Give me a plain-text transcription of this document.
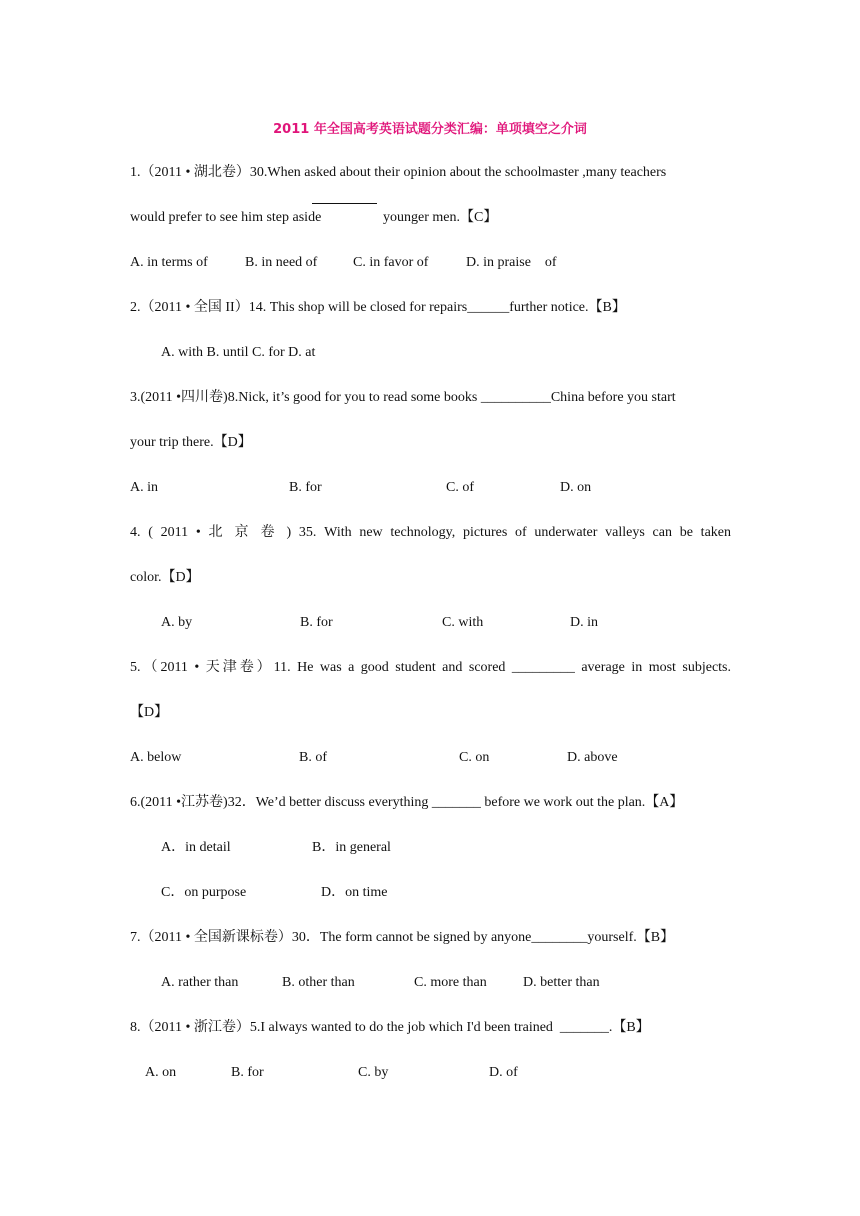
2011 年全国高考英语试题分类汇编：单项填空之介词
1.（2011 • 湖北卷）30.When asked about their opinion about the schoolmaster ,many teachers
would prefer to see him step aside	younger men.【C】
A. in terms of	B. in need of	C. in favor of	D. in praise    of
2.（2011 • 全国 II）14. This shop will be closed for repairs______further notice.【B】
A. with B. until C. for D. at
3.(2011 •四川卷)8.Nick, it’s good for you to read some books __________China before you start
your trip there.【D】
A. in	B. for	C. of	D. on
4. ( 2011 • 北 京 卷 ) 35. With new technology, pictures of underwater valleys can be taken
color.【D】
A. by	B. for	C. with	D. in
5.（2011 • 天津卷）11. He was a good student and scored _________ average in most subjects.
【D】
A. below	B. of	C. on	D. above
6.(2011 •江苏卷)32．We’d better discuss everything _______ before we work out the plan.【A】
A．in detail	B．in general
C．on purpose	D．on time
7.（2011 • 全国新课标卷）30．The form cannot be signed by anyone________yourself.【B】
A. rather than	B. other than	C. more than	D. better than
8.（2011 • 浙江卷）5.I always wanted to do the job which I'd been trained  _______.【B】
A. on	B. for	C. by	D. of
